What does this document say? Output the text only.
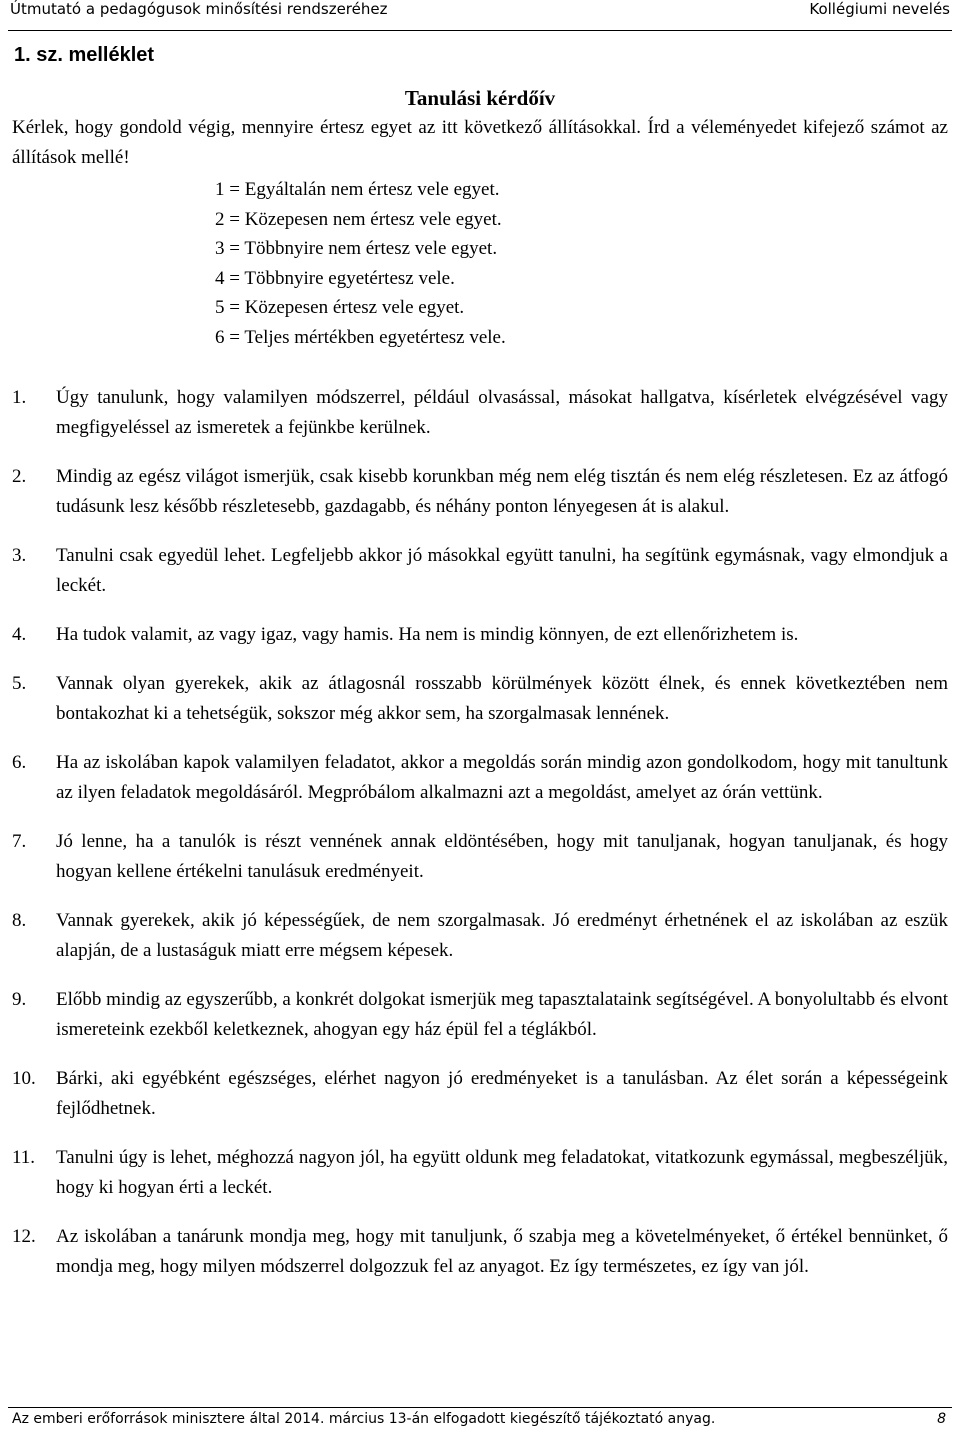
Útmutató a pedagógusok minősítési rendszeréhez	Kollégiumi nevelés
1. sz. melléklet
Tanulási kérdőív
Kérlek, hogy gondold végig, mennyire értesz egyet az itt következő állításokkal. Írd a véleményedet kifejező számot az állítások mellé!
1 = Egyáltalán nem értesz vele egyet.
2 = Közepesen nem értesz vele egyet.
3 = Többnyire nem értesz vele egyet.
4 = Többnyire egyetértesz vele.
5 = Közepesen értesz vele egyet.
6 = Teljes mértékben egyetértesz vele.
1. Úgy tanulunk, hogy valamilyen módszerrel, például olvasással, másokat hallgatva, kísérletek elvégzésével vagy megfigyeléssel az ismeretek a fejünkbe kerülnek.
2. Mindig az egész világot ismerjük, csak kisebb korunkban még nem elég tisztán és nem elég részletesen. Ez az átfogó tudásunk lesz később részletesebb, gazdagabb, és néhány ponton lényegesen át is alakul.
3. Tanulni csak egyedül lehet. Legfeljebb akkor jó másokkal együtt tanulni, ha segítünk egymásnak, vagy elmondjuk a leckét.
4. Ha tudok valamit, az vagy igaz, vagy hamis. Ha nem is mindig könnyen, de ezt ellenőrizhetem is.
5. Vannak olyan gyerekek, akik az átlagosnál rosszabb körülmények között élnek, és ennek következtében nem bontakozhat ki a tehetségük, sokszor még akkor sem, ha szorgalmasak lennének.
6. Ha az iskolában kapok valamilyen feladatot, akkor a megoldás során mindig azon gondolkodom, hogy mit tanultunk az ilyen feladatok megoldásáról. Megpróbálom alkalmazni azt a megoldást, amelyet az órán vettünk.
7. Jó lenne, ha a tanulók is részt vennének annak eldöntésében, hogy mit tanuljanak, hogyan tanuljanak, és hogy hogyan kellene értékelni tanulásuk eredményeit.
8. Vannak gyerekek, akik jó képességűek, de nem szorgalmasak. Jó eredményt érhetnének el az iskolában az eszük alapján, de a lustaságuk miatt erre mégsem képesek.
9. Előbb mindig az egyszerűbb, a konkrét dolgokat ismerjük meg tapasztalataink segítségével. A bonyolultabb és elvont ismereteink ezekből keletkeznek, ahogyan egy ház épül fel a téglákból.
10. Bárki, aki egyébként egészséges, elérhet nagyon jó eredményeket is a tanulásban. Az élet során a képességeink fejlődhetnek.
11. Tanulni úgy is lehet, méghozzá nagyon jól, ha együtt oldunk meg feladatokat, vitatkozunk egymással, megbeszéljük, hogy ki hogyan érti a leckét.
12. Az iskolában a tanárunk mondja meg, hogy mit tanuljunk, ő szabja meg a követelményeket, ő értékel bennünket, ő mondja meg, hogy milyen módszerrel dolgozzuk fel az anyagot. Ez így természetes, ez így van jól.
Az emberi erőforrások minisztere által 2014. március 13-án elfogadott kiegészítő tájékoztató anyag.	8
